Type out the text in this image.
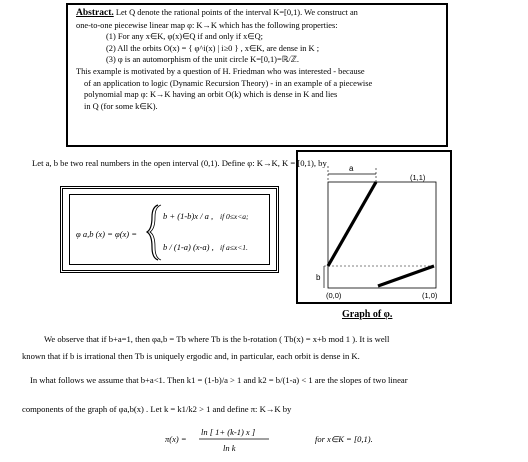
Abstract. Let Q denote the rational points of the interval K=[0,1). We construct an
one-to-one piecewise linear map φ: K→K which has the following properties:
(1) For any x∈K, φ(x)∈Q if and only if x∈Q;
(2) All the orbits O(x) = { φ^i(x) | i≥0 } , x∈K, are dense in K ;
(3) φ is an automorphism of the unit circle K=[0,1)=ℝ/ℤ.
This example is motivated by a question of H. Friedman who was interested - because
of an application to logic (Dynamic Recursion Theory) - in an example of a piecewise
polynomial map φ: K→K having an orbit O(k) which is dense in K and lies
in Q (for some k∈K).
Let a, b be two real numbers in the open interval (0,1). Define φ: K→K, K = [0,1), by
φ a,b (x) = φ(x) =
b + (1-b)x / a , if 0≤x<a;
b / (1-a) (x-a) , if a≤x<1.
a
b
(1,1)
(0,0)	(1,0)
Graph of φ.
We observe that if b+a=1, then φa,b = Tb where Tb is the b-rotation ( Tb(x) = x+b mod 1 ). It is well
known that if b is irrational then Tb is uniquely ergodic and, in particular, each orbit is dense in K.
In what follows we assume that b+a<1. Then k1 = (1-b)/a > 1 and k2 = b/(1-a) < 1 are the slopes of two linear
components of the graph of φa,b(x) . Let k = k1/k2 > 1 and define π: K→K by
π(x) =
ln [ 1+ (k-1) x ]
ln k
for x∈K = [0,1).
